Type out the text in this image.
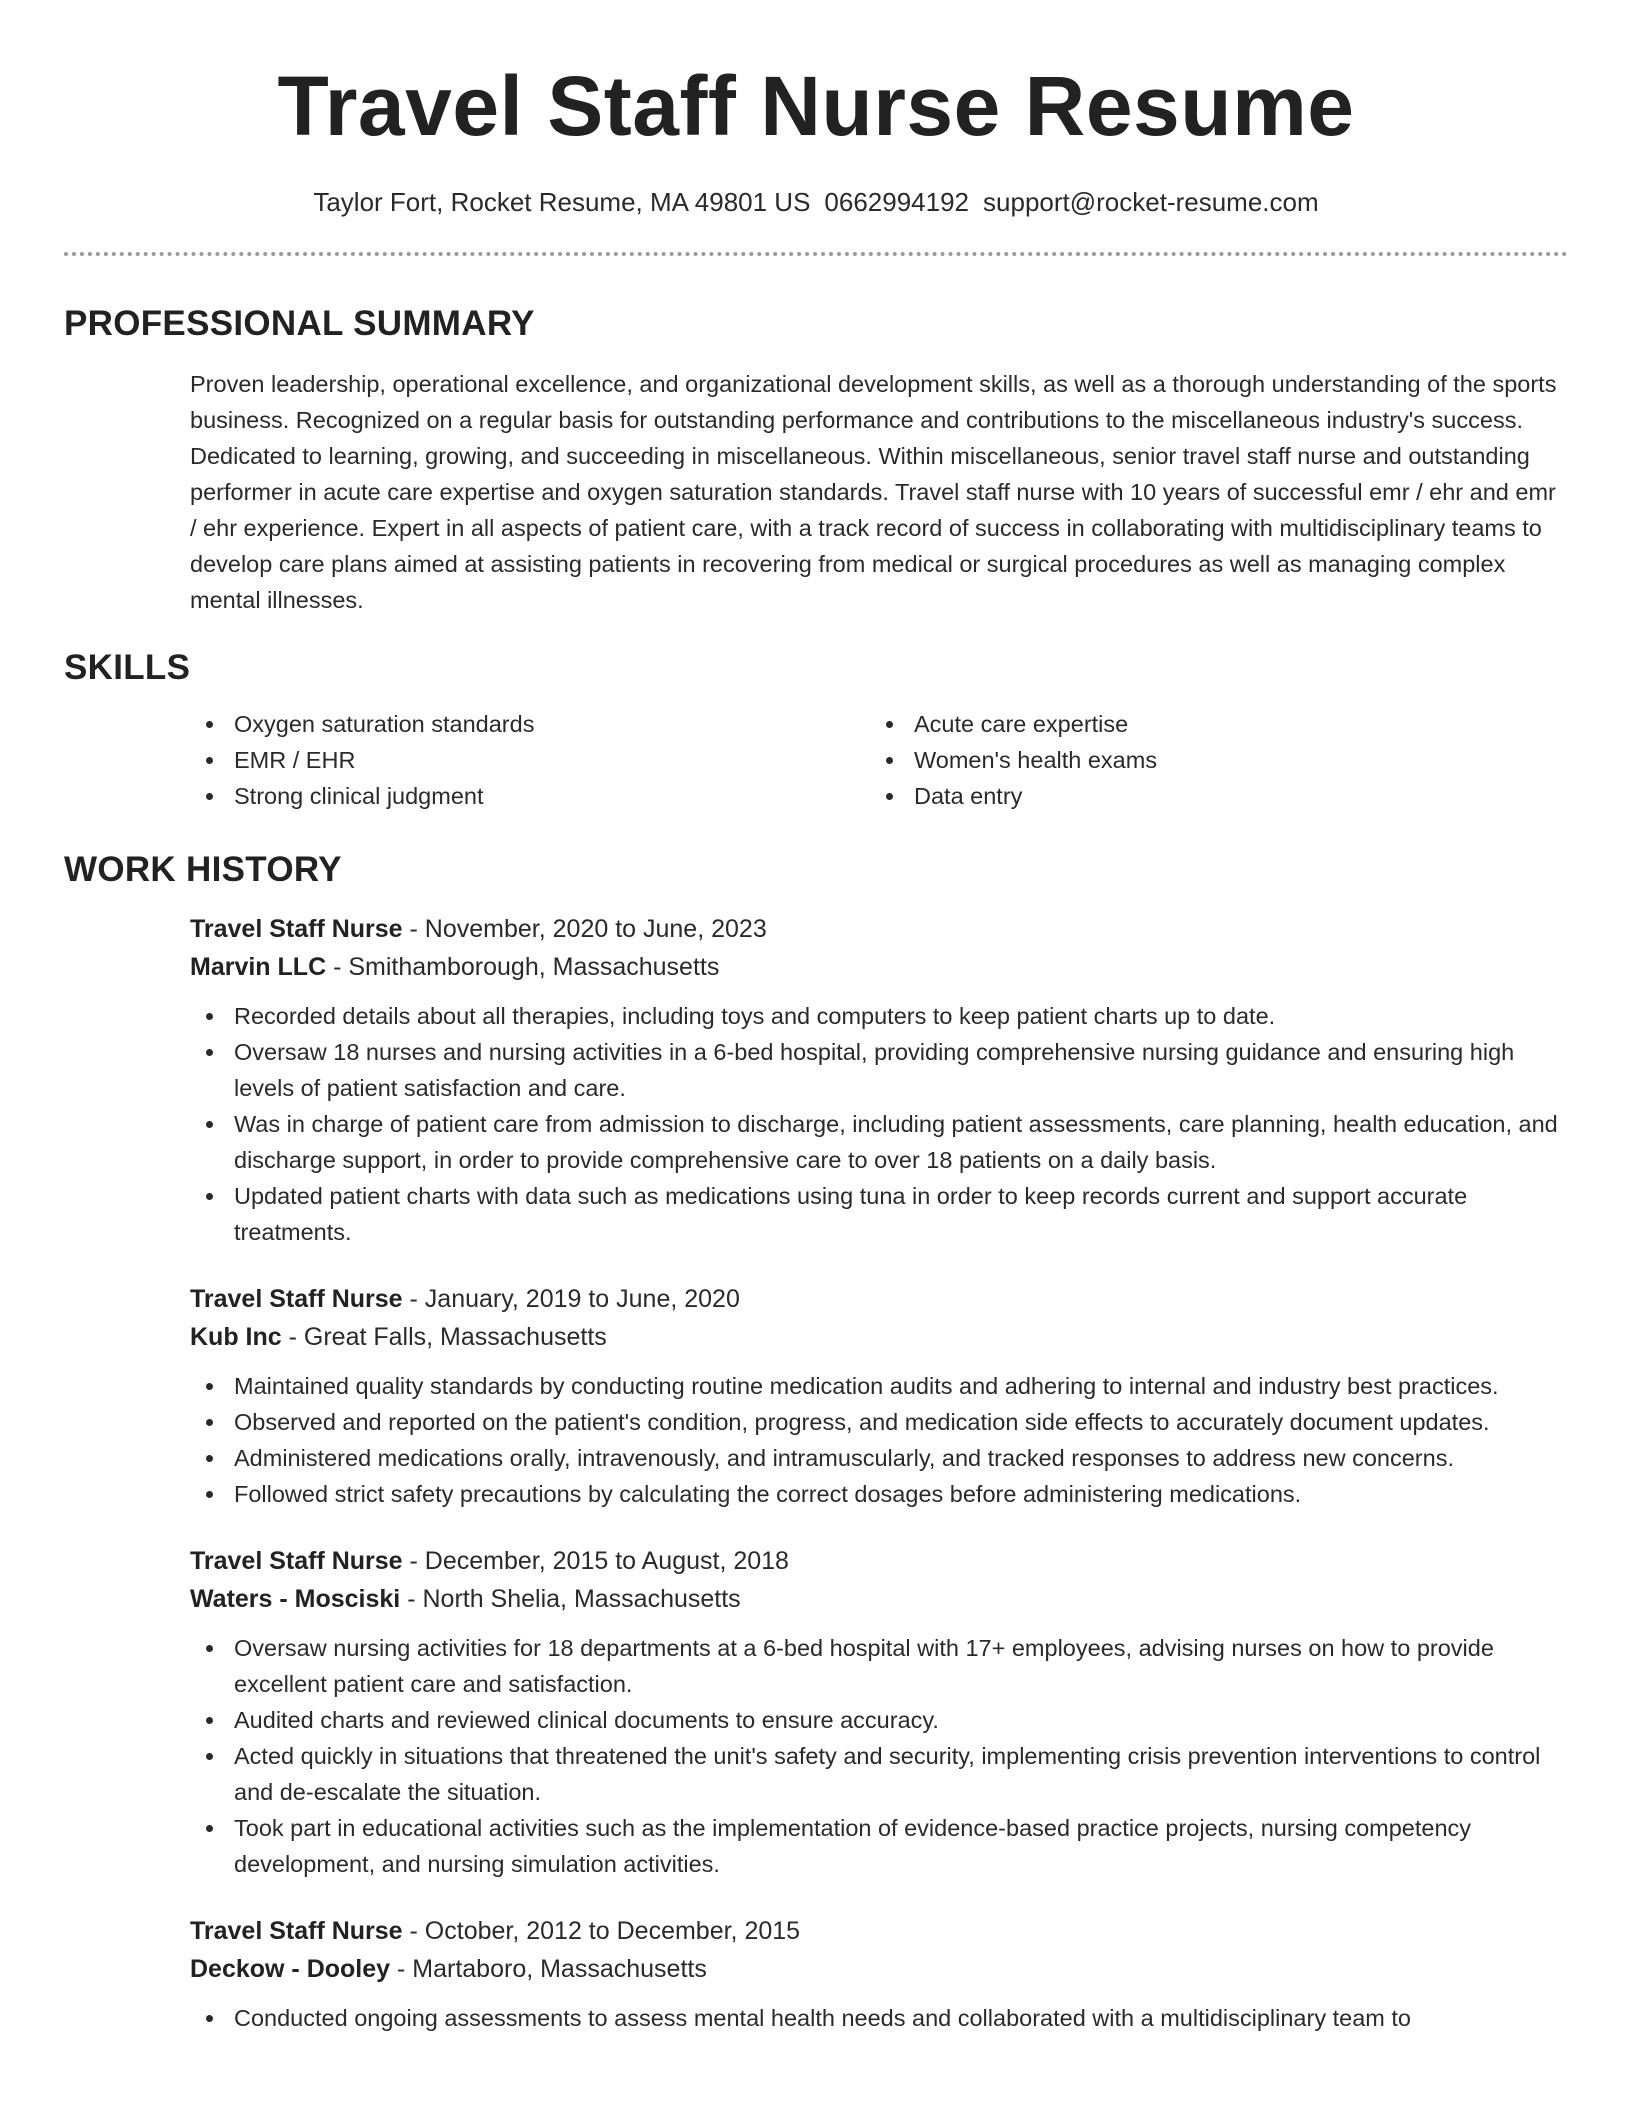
Travel Staff Nurse Resume
Taylor Fort, Rocket Resume, MA 49801 US 0662994192 support@rocket-resume.com
PROFESSIONAL SUMMARY

Proven leadership, operational excellence, and organizational development skills, as well as a thorough understanding of the sports business. Recognized on a regular basis for outstanding performance and contributions to the miscellaneous industry's success. Dedicated to learning, growing, and succeeding in miscellaneous. Within miscellaneous, senior travel staff nurse and outstanding performer in acute care expertise and oxygen saturation standards. Travel staff nurse with 10 years of successful emr / ehr and emr / ehr experience. Expert in all aspects of patient care, with a track record of success in collaborating with multidisciplinary teams to develop care plans aimed at assisting patients in recovering from medical or surgical procedures as well as managing complex mental illnesses.

SKILLS
Oxygen saturation standards
EMR / EHR
Strong clinical judgment
Acute care expertise
Women's health exams
Data entry
WORK HISTORY
Travel Staff Nurse - November, 2020 to June, 2023
Marvin LLC - Smithamborough, Massachusetts
Recorded details about all therapies, including toys and computers to keep patient charts up to date.
Oversaw 18 nurses and nursing activities in a 6-bed hospital, providing comprehensive nursing guidance and ensuring high levels of patient satisfaction and care.
Was in charge of patient care from admission to discharge, including patient assessments, care planning, health education, and discharge support, in order to provide comprehensive care to over 18 patients on a daily basis.
Updated patient charts with data such as medications using tuna in order to keep records current and support accurate treatments.
Travel Staff Nurse - January, 2019 to June, 2020
Kub Inc - Great Falls, Massachusetts
Maintained quality standards by conducting routine medication audits and adhering to internal and industry best practices.
Observed and reported on the patient's condition, progress, and medication side effects to accurately document updates.
Administered medications orally, intravenously, and intramuscularly, and tracked responses to address new concerns.
Followed strict safety precautions by calculating the correct dosages before administering medications.
Travel Staff Nurse - December, 2015 to August, 2018
Waters - Mosciski - North Shelia, Massachusetts
Oversaw nursing activities for 18 departments at a 6-bed hospital with 17+ employees, advising nurses on how to provide excellent patient care and satisfaction.
Audited charts and reviewed clinical documents to ensure accuracy.
Acted quickly in situations that threatened the unit's safety and security, implementing crisis prevention interventions to control and de-escalate the situation.
Took part in educational activities such as the implementation of evidence-based practice projects, nursing competency development, and nursing simulation activities.
Travel Staff Nurse - October, 2012 to December, 2015
Deckow - Dooley - Martaboro, Massachusetts
Conducted ongoing assessments to assess mental health needs and collaborated with a multidisciplinary team to
